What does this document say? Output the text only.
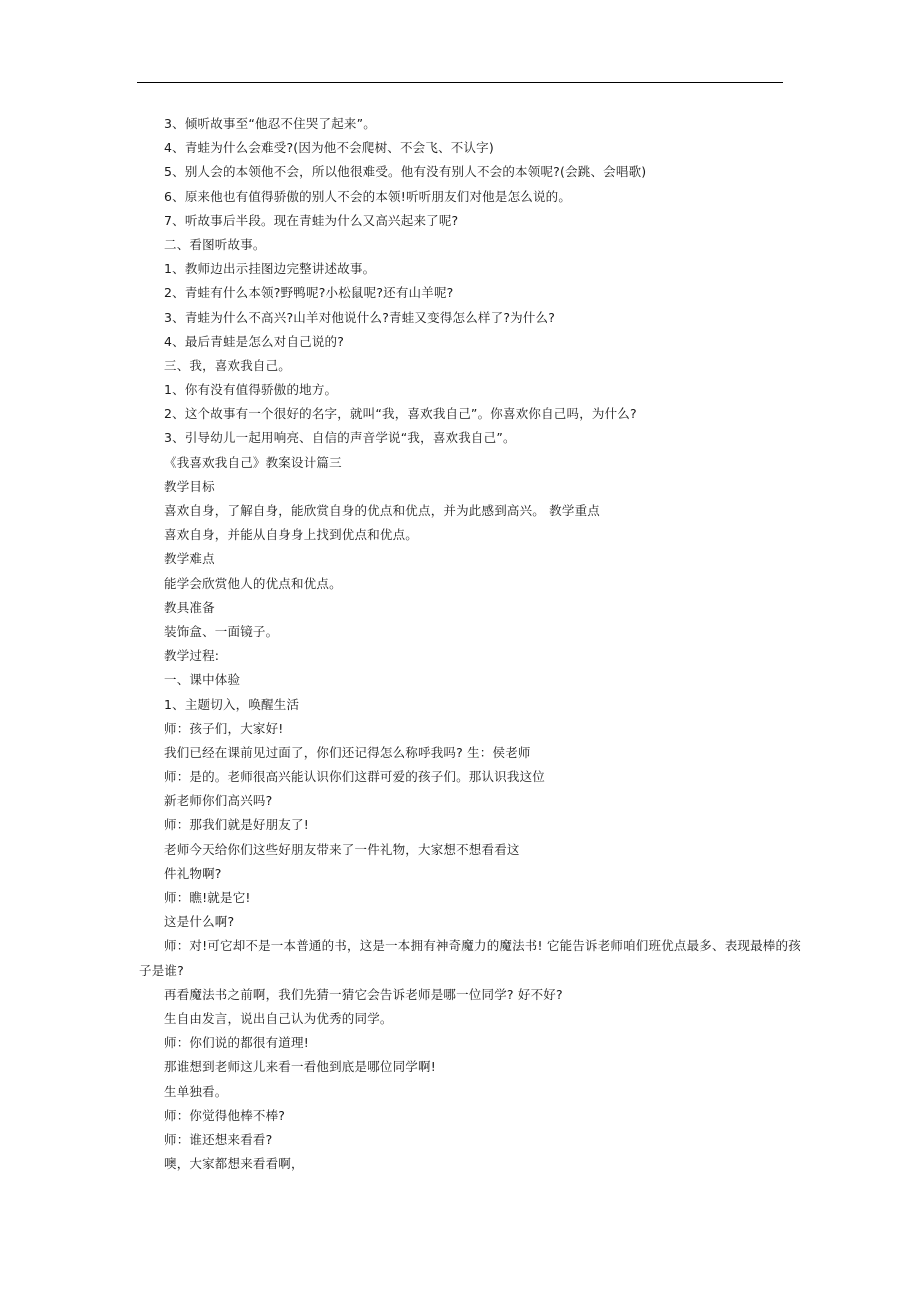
3、倾听故事至“他忍不住哭了起来”。
4、青蛙为什么会难受?(因为他不会爬树、不会飞、不认字)
5、别人会的本领他不会，所以他很难受。他有没有别人不会的本领呢?(会跳、会唱歌)
6、原来他也有值得骄傲的别人不会的本领!听听朋友们对他是怎么说的。
7、听故事后半段。现在青蛙为什么又高兴起来了呢?
二、看图听故事。
1、教师边出示挂图边完整讲述故事。
2、青蛙有什么本领?野鸭呢?小松鼠呢?还有山羊呢?
3、青蛙为什么不高兴?山羊对他说什么?青蛙又变得怎么样了?为什么?
4、最后青蛙是怎么对自己说的?
三、我，喜欢我自己。
1、你有没有值得骄傲的地方。
2、这个故事有一个很好的名字，就叫“我，喜欢我自己”。你喜欢你自己吗，为什么?
3、引导幼儿一起用响亮、自信的声音学说“我，喜欢我自己”。
《我喜欢我自己》教案设计篇三
教学目标
喜欢自身，了解自身，能欣赏自身的优点和优点，并为此感到高兴。 教学重点
喜欢自身，并能从自身身上找到优点和优点。
教学难点
能学会欣赏他人的优点和优点。
教具准备
装饰盒、一面镜子。
教学过程:
一、课中体验
1、主题切入，唤醒生活
师：孩子们，大家好!
我们已经在课前见过面了，你们还记得怎么称呼我吗? 生：侯老师
师：是的。老师很高兴能认识你们这群可爱的孩子们。那认识我这位
新老师你们高兴吗?
师：那我们就是好朋友了!
老师今天给你们这些好朋友带来了一件礼物，大家想不想看看这
件礼物啊?
师：瞧!就是它!
这是什么啊?
师：对!可它却不是一本普通的书，这是一本拥有神奇魔力的魔法书! 它能告诉老师咱们班优点最多、表现最棒的孩
子是谁?
再看魔法书之前啊，我们先猜一猜它会告诉老师是哪一位同学? 好不好?
生自由发言，说出自己认为优秀的同学。
师：你们说的都很有道理!
那谁想到老师这儿来看一看他到底是哪位同学啊!
生单独看。
师：你觉得他棒不棒?
师：谁还想来看看?
噢，大家都想来看看啊，
